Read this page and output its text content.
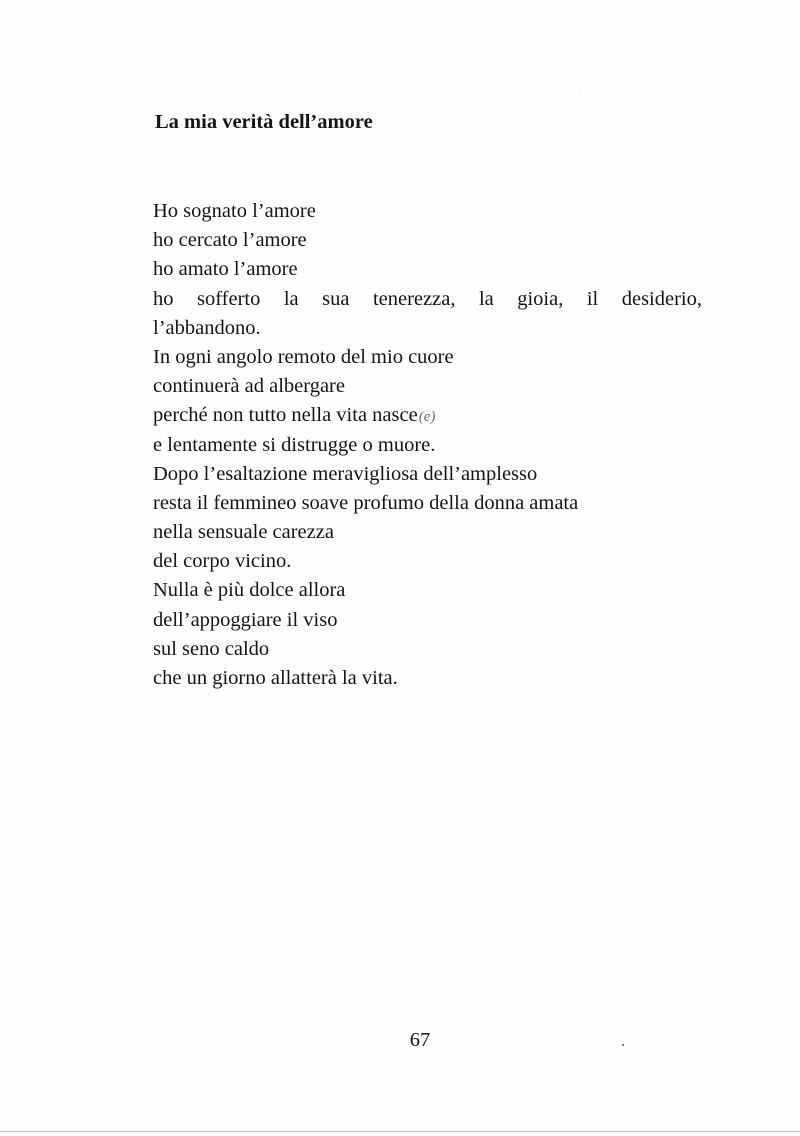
La mia verità dell’amore
Ho sognato l’amore
ho cercato l’amore
ho amato l’amore
ho sofferto la sua tenerezza, la gioia, il desiderio,
l’abbandono.
In ogni angolo remoto del mio cuore
continuerà ad albergare
perché non tutto nella vita nasce(e)
e lentamente si distrugge o muore.
Dopo l’esaltazione meravigliosa dell’amplesso
resta il femmineo soave profumo della donna amata
nella sensuale carezza
del corpo vicino.
Nulla è più dolce allora
dell’appoggiare il viso
sul seno caldo
che un giorno allatterà la vita.
67
